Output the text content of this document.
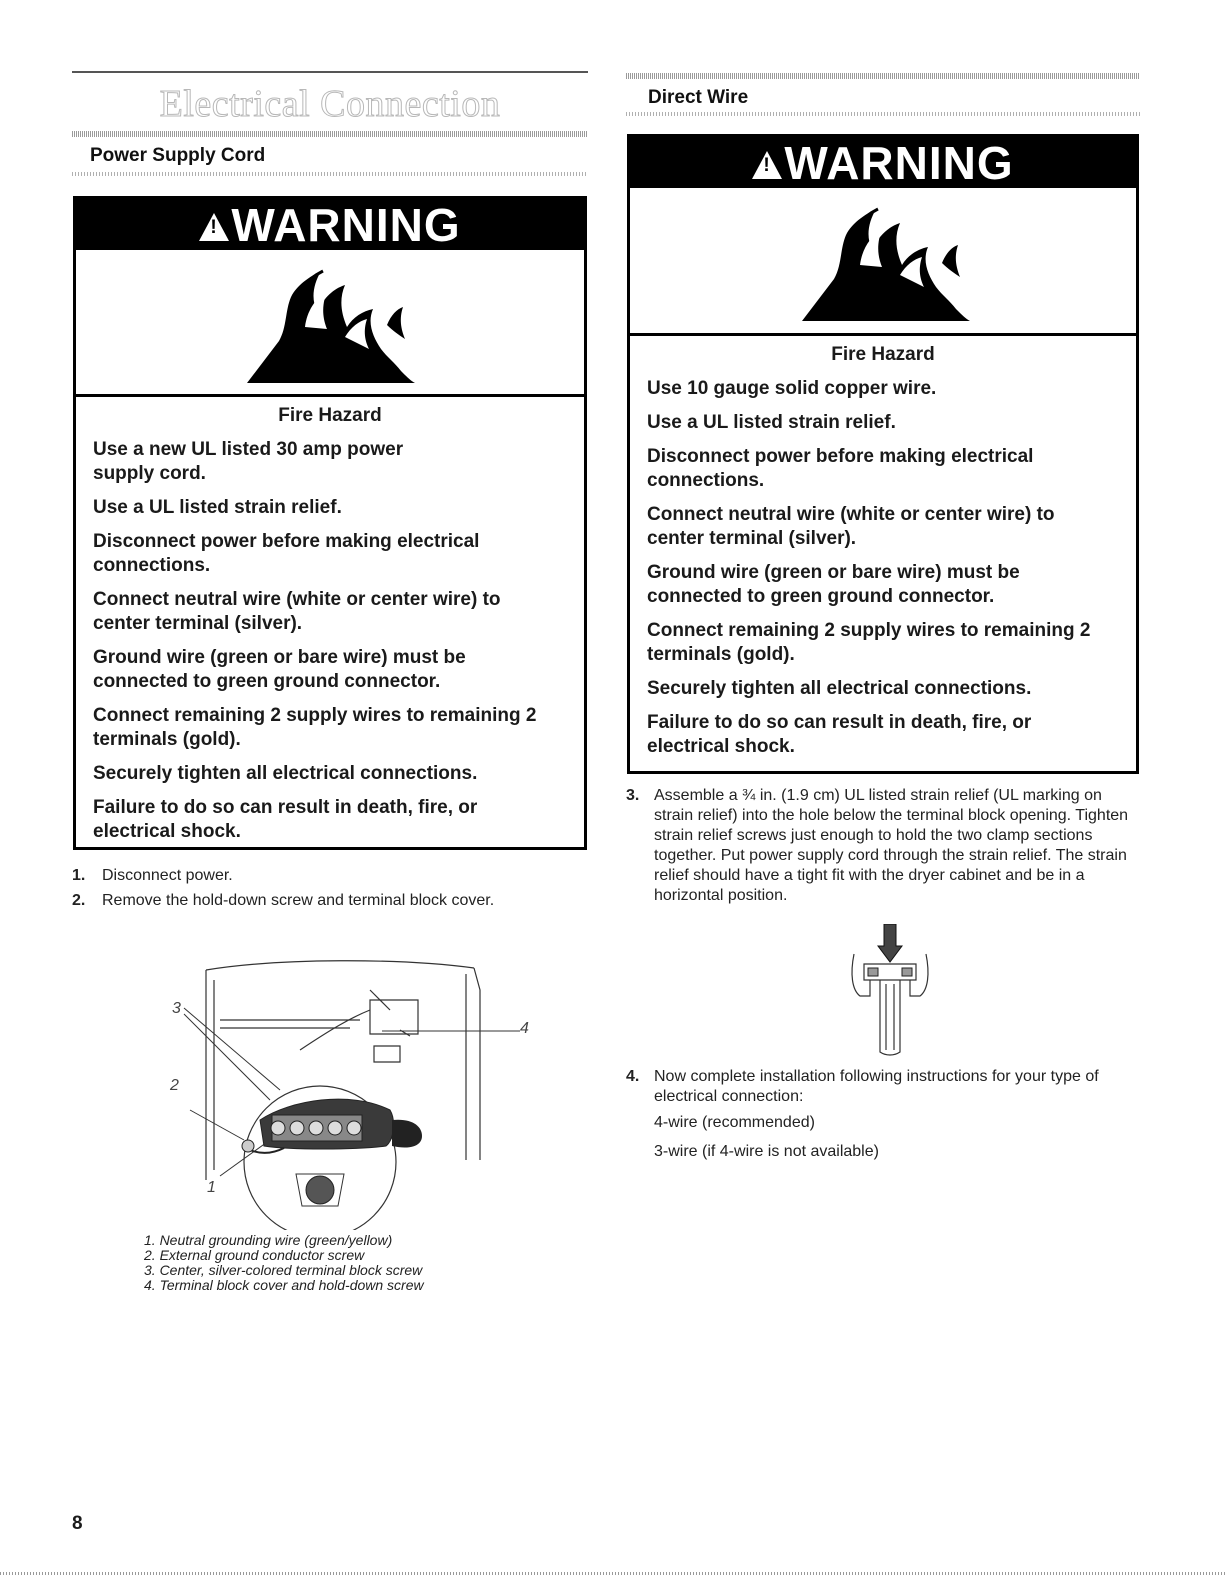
Electrical Connection
Power Supply Cord
!WARNING
Fire Hazard

Use a new UL listed 30 amp power supply cord.

Use a UL listed strain relief.

Disconnect power before making electrical connections.

Connect neutral wire (white or center wire) to center terminal (silver).

Ground wire (green or bare wire) must be connected to green ground connector.

Connect remaining 2 supply wires to remaining 2 terminals (gold).

Securely tighten all electrical connections.

Failure to do so can result in death, fire, or electrical shock.

1. Disconnect power.
2. Remove the hold-down screw and terminal block cover.
3
4
2
1
1. Neutral grounding wire (green/yellow)
2. External ground conductor screw
3. Center, silver-colored terminal block screw
4. Terminal block cover and hold-down screw
Direct Wire
!WARNING
Fire Hazard

Use 10 gauge solid copper wire.

Use a UL listed strain relief.

Disconnect power before making electrical connections.

Connect neutral wire (white or center wire) to center terminal (silver).

Ground wire (green or bare wire) must be connected to green ground connector.

Connect remaining 2 supply wires to remaining 2 terminals (gold).

Securely tighten all electrical connections.

Failure to do so can result in death, fire, or electrical shock.

3. Assemble a ¾ in. (1.9 cm) UL listed strain relief (UL marking on strain relief) into the hole below the terminal block opening. Tighten strain relief screws just enough to hold the two clamp sections together. Put power supply cord through the strain relief. The strain relief should have a tight fit with the dryer cabinet and be in a horizontal position.
4. Now complete installation following instructions for your type of electrical connection:
4-wire (recommended)
3-wire (if 4-wire is not available)
8
